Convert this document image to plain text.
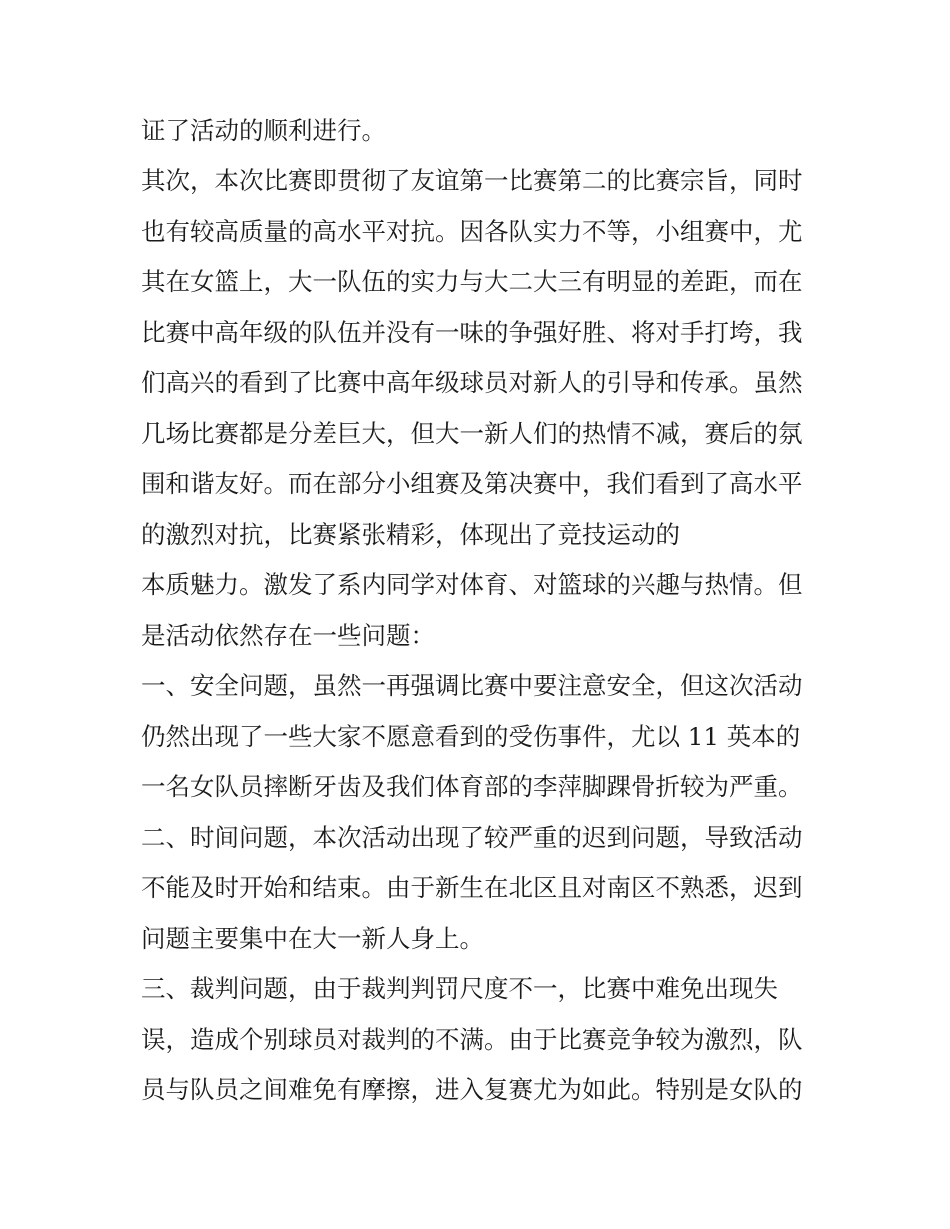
证了活动的顺利进行。
其次，本次比赛即贯彻了友谊第一比赛第二的比赛宗旨，同时
也有较高质量的高水平对抗。因各队实力不等，小组赛中，尤
其在女篮上，大一队伍的实力与大二大三有明显的差距，而在
比赛中高年级的队伍并没有一味的争强好胜、将对手打垮，我
们高兴的看到了比赛中高年级球员对新人的引导和传承。虽然
几场比赛都是分差巨大，但大一新人们的热情不减，赛后的氛
围和谐友好。而在部分小组赛及第决赛中，我们看到了高水平
的激烈对抗，比赛紧张精彩，体现出了竞技运动的
本质魅力。激发了系内同学对体育、对篮球的兴趣与热情。但
是活动依然存在一些问题：
一、安全问题，虽然一再强调比赛中要注意安全，但这次活动
仍然出现了一些大家不愿意看到的受伤事件，尤以 11 英本的
一名女队员摔断牙齿及我们体育部的李萍脚踝骨折较为严重。
二、时间问题，本次活动出现了较严重的迟到问题，导致活动
不能及时开始和结束。由于新生在北区且对南区不熟悉，迟到
问题主要集中在大一新人身上。
三、裁判问题，由于裁判判罚尺度不一，比赛中难免出现失
误，造成个别球员对裁判的不满。由于比赛竞争较为激烈，队
员与队员之间难免有摩擦，进入复赛尤为如此。特别是女队的
